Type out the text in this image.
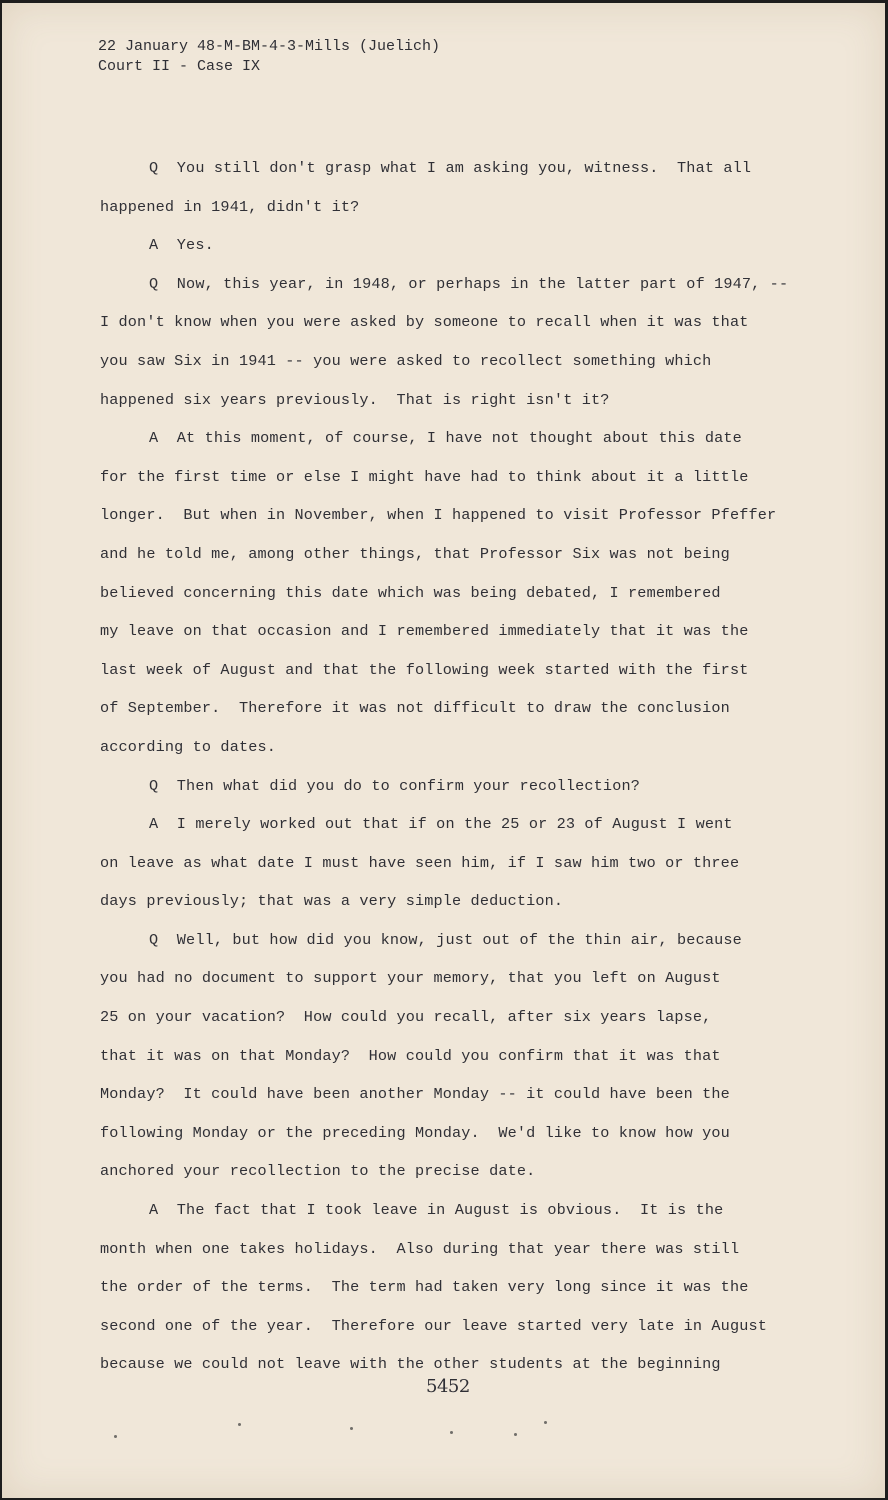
22 January 48-M-BM-4-3-Mills (Juelich)
Court II - Case IX
Q  You still don't grasp what I am asking you, witness.  That all
happened in 1941, didn't it?
A  Yes.
Q  Now, this year, in 1948, or perhaps in the latter part of 1947, --
I don't know when you were asked by someone to recall when it was that
you saw Six in 1941 -- you were asked to recollect something which
happened six years previously.  That is right isn't it?
A  At this moment, of course, I have not thought about this date
for the first time or else I might have had to think about it a little
longer.  But when in November, when I happened to visit Professor Pfeffer
and he told me, among other things, that Professor Six was not being
believed concerning this date which was being debated, I remembered
my leave on that occasion and I remembered immediately that it was the
last week of August and that the following week started with the first
of September.  Therefore it was not difficult to draw the conclusion
according to dates.
Q  Then what did you do to confirm your recollection?
A  I merely worked out that if on the 25 or 23 of August I went
on leave as what date I must have seen him, if I saw him two or three
days previously; that was a very simple deduction.
Q  Well, but how did you know, just out of the thin air, because
you had no document to support your memory, that you left on August
25 on your vacation?  How could you recall, after six years lapse,
that it was on that Monday?  How could you confirm that it was that
Monday?  It could have been another Monday -- it could have been the
following Monday or the preceding Monday.  We'd like to know how you
anchored your recollection to the precise date.
A  The fact that I took leave in August is obvious.  It is the
month when one takes holidays.  Also during that year there was still
the order of the terms.  The term had taken very long since it was the
second one of the year.  Therefore our leave started very late in August
because we could not leave with the other students at the beginning
5452
